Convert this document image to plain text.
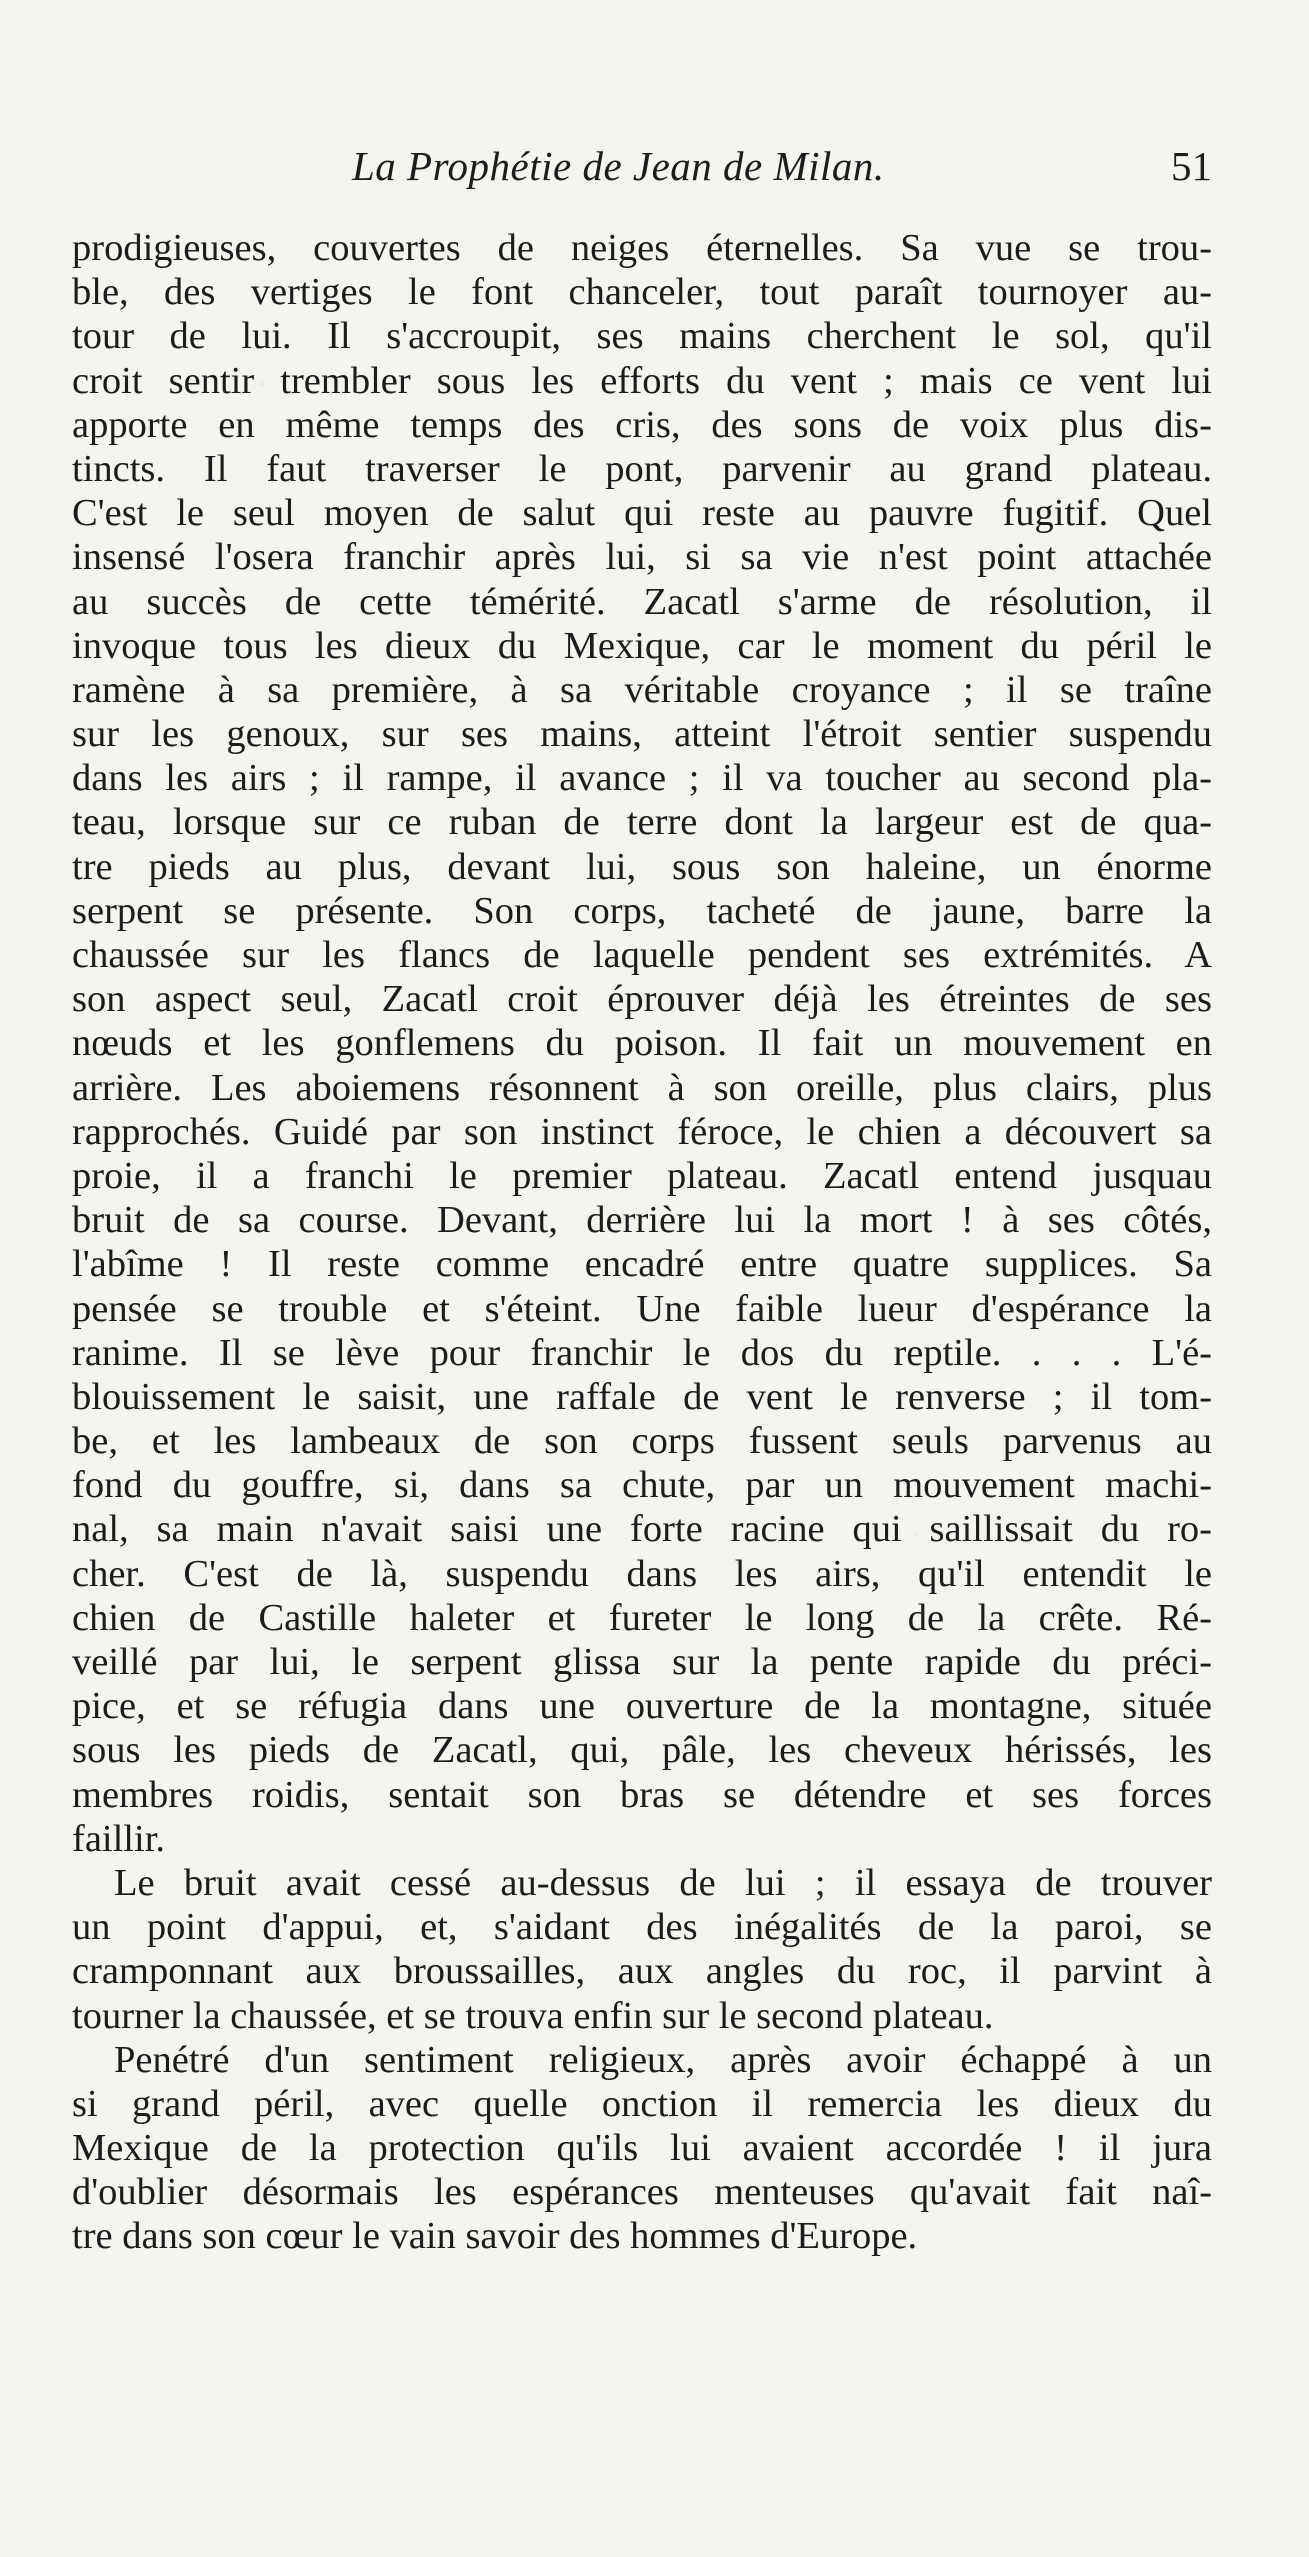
La Prophétie de Jean de Milan.	51
prodigieuses, couvertes de neiges éternelles. Sa vue se trou-
ble, des vertiges le font chanceler, tout paraît tournoyer au-
tour de lui. Il s'accroupit, ses mains cherchent le sol, qu'il
croit sentir trembler sous les efforts du vent ; mais ce vent lui
apporte en même temps des cris, des sons de voix plus dis-
tincts. Il faut traverser le pont, parvenir au grand plateau.
C'est le seul moyen de salut qui reste au pauvre fugitif. Quel
insensé l'osera franchir après lui, si sa vie n'est point attachée
au succès de cette témérité. Zacatl s'arme de résolution, il
invoque tous les dieux du Mexique, car le moment du péril le
ramène à sa première, à sa véritable croyance ; il se traîne
sur les genoux, sur ses mains, atteint l'étroit sentier suspendu
dans les airs ; il rampe, il avance ; il va toucher au second pla-
teau, lorsque sur ce ruban de terre dont la largeur est de qua-
tre pieds au plus, devant lui, sous son haleine, un énorme
serpent se présente. Son corps, tacheté de jaune, barre la
chaussée sur les flancs de laquelle pendent ses extrémités. A
son aspect seul, Zacatl croit éprouver déjà les étreintes de ses
nœuds et les gonflemens du poison. Il fait un mouvement en
arrière. Les aboiemens résonnent à son oreille, plus clairs, plus
rapprochés. Guidé par son instinct féroce, le chien a découvert sa
proie, il a franchi le premier plateau. Zacatl entend jusquau
bruit de sa course. Devant, derrière lui la mort ! à ses côtés,
l'abîme ! Il reste comme encadré entre quatre supplices. Sa
pensée se trouble et s'éteint. Une faible lueur d'espérance la
ranime. Il se lève pour franchir le dos du reptile. . . . L'é-
blouissement le saisit, une raffale de vent le renverse ; il tom-
be, et les lambeaux de son corps fussent seuls parvenus au
fond du gouffre, si, dans sa chute, par un mouvement machi-
nal, sa main n'avait saisi une forte racine qui saillissait du ro-
cher. C'est de là, suspendu dans les airs, qu'il entendit le
chien de Castille haleter et fureter le long de la crête. Ré-
veillé par lui, le serpent glissa sur la pente rapide du préci-
pice, et se réfugia dans une ouverture de la montagne, située
sous les pieds de Zacatl, qui, pâle, les cheveux hérissés, les
membres roidis, sentait son bras se détendre et ses forces
faillir.
Le bruit avait cessé au-dessus de lui ; il essaya de trouver
un point d'appui, et, s'aidant des inégalités de la paroi, se
cramponnant aux broussailles, aux angles du roc, il parvint à
tourner la chaussée, et se trouva enfin sur le second plateau.
Penétré d'un sentiment religieux, après avoir échappé à un
si grand péril, avec quelle onction il remercia les dieux du
Mexique de la protection qu'ils lui avaient accordée ! il jura
d'oublier désormais les espérances menteuses qu'avait fait naî-
tre dans son cœur le vain savoir des hommes d'Europe.
